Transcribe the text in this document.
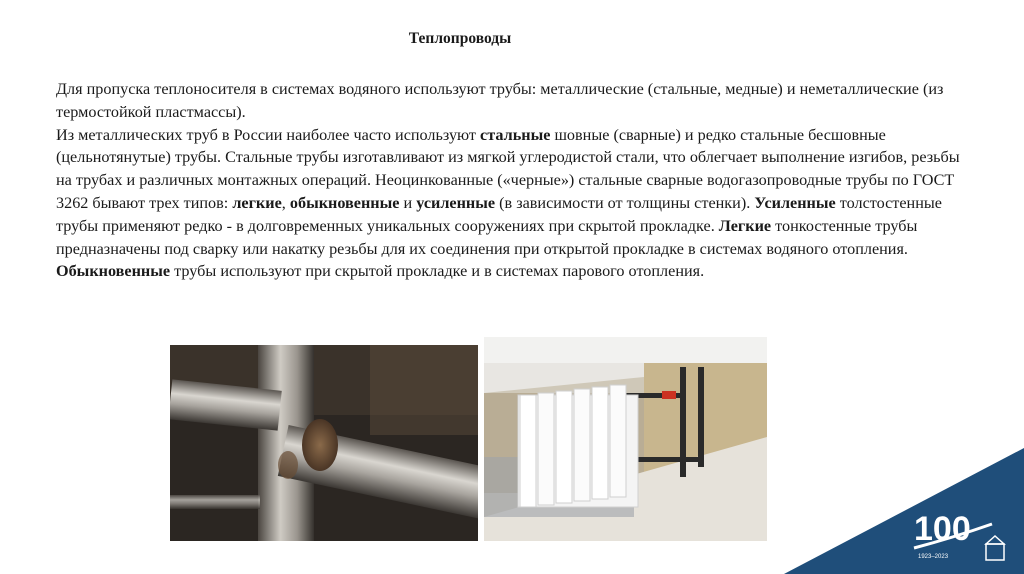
Теплопроводы

Для пропуска теплоносителя в системах водяного используют трубы: металлические (стальные, медные) и неметаллические (из термостойкой пластмассы).

Из металлических труб в России наиболее часто используют стальные шовные (сварные) и редко стальные бесшовные (цельнотянутые) трубы. Стальные трубы изготавливают из мягкой углеродистой стали, что облегчает выполнение изгибов, резьбы на трубах и различных монтажных операций. Неоцинкованные («черные») стальные сварные водогазопроводные трубы по ГОСТ 3262 бывают трех типов: легкие, обыкновенные и усиленные (в зависимости от толщины стенки). Усиленные толстостенные трубы применяют редко - в долговременных уникальных сооружениях при скрытой прокладке. Легкие тонкостенные трубы предназначены под сварку или накатку резьбы для их соединения при открытой прокладке в системах водяного отопления. Обыкновенные трубы используют при скрытой прокладке и в системах парового отопления.

100
1923–2023
